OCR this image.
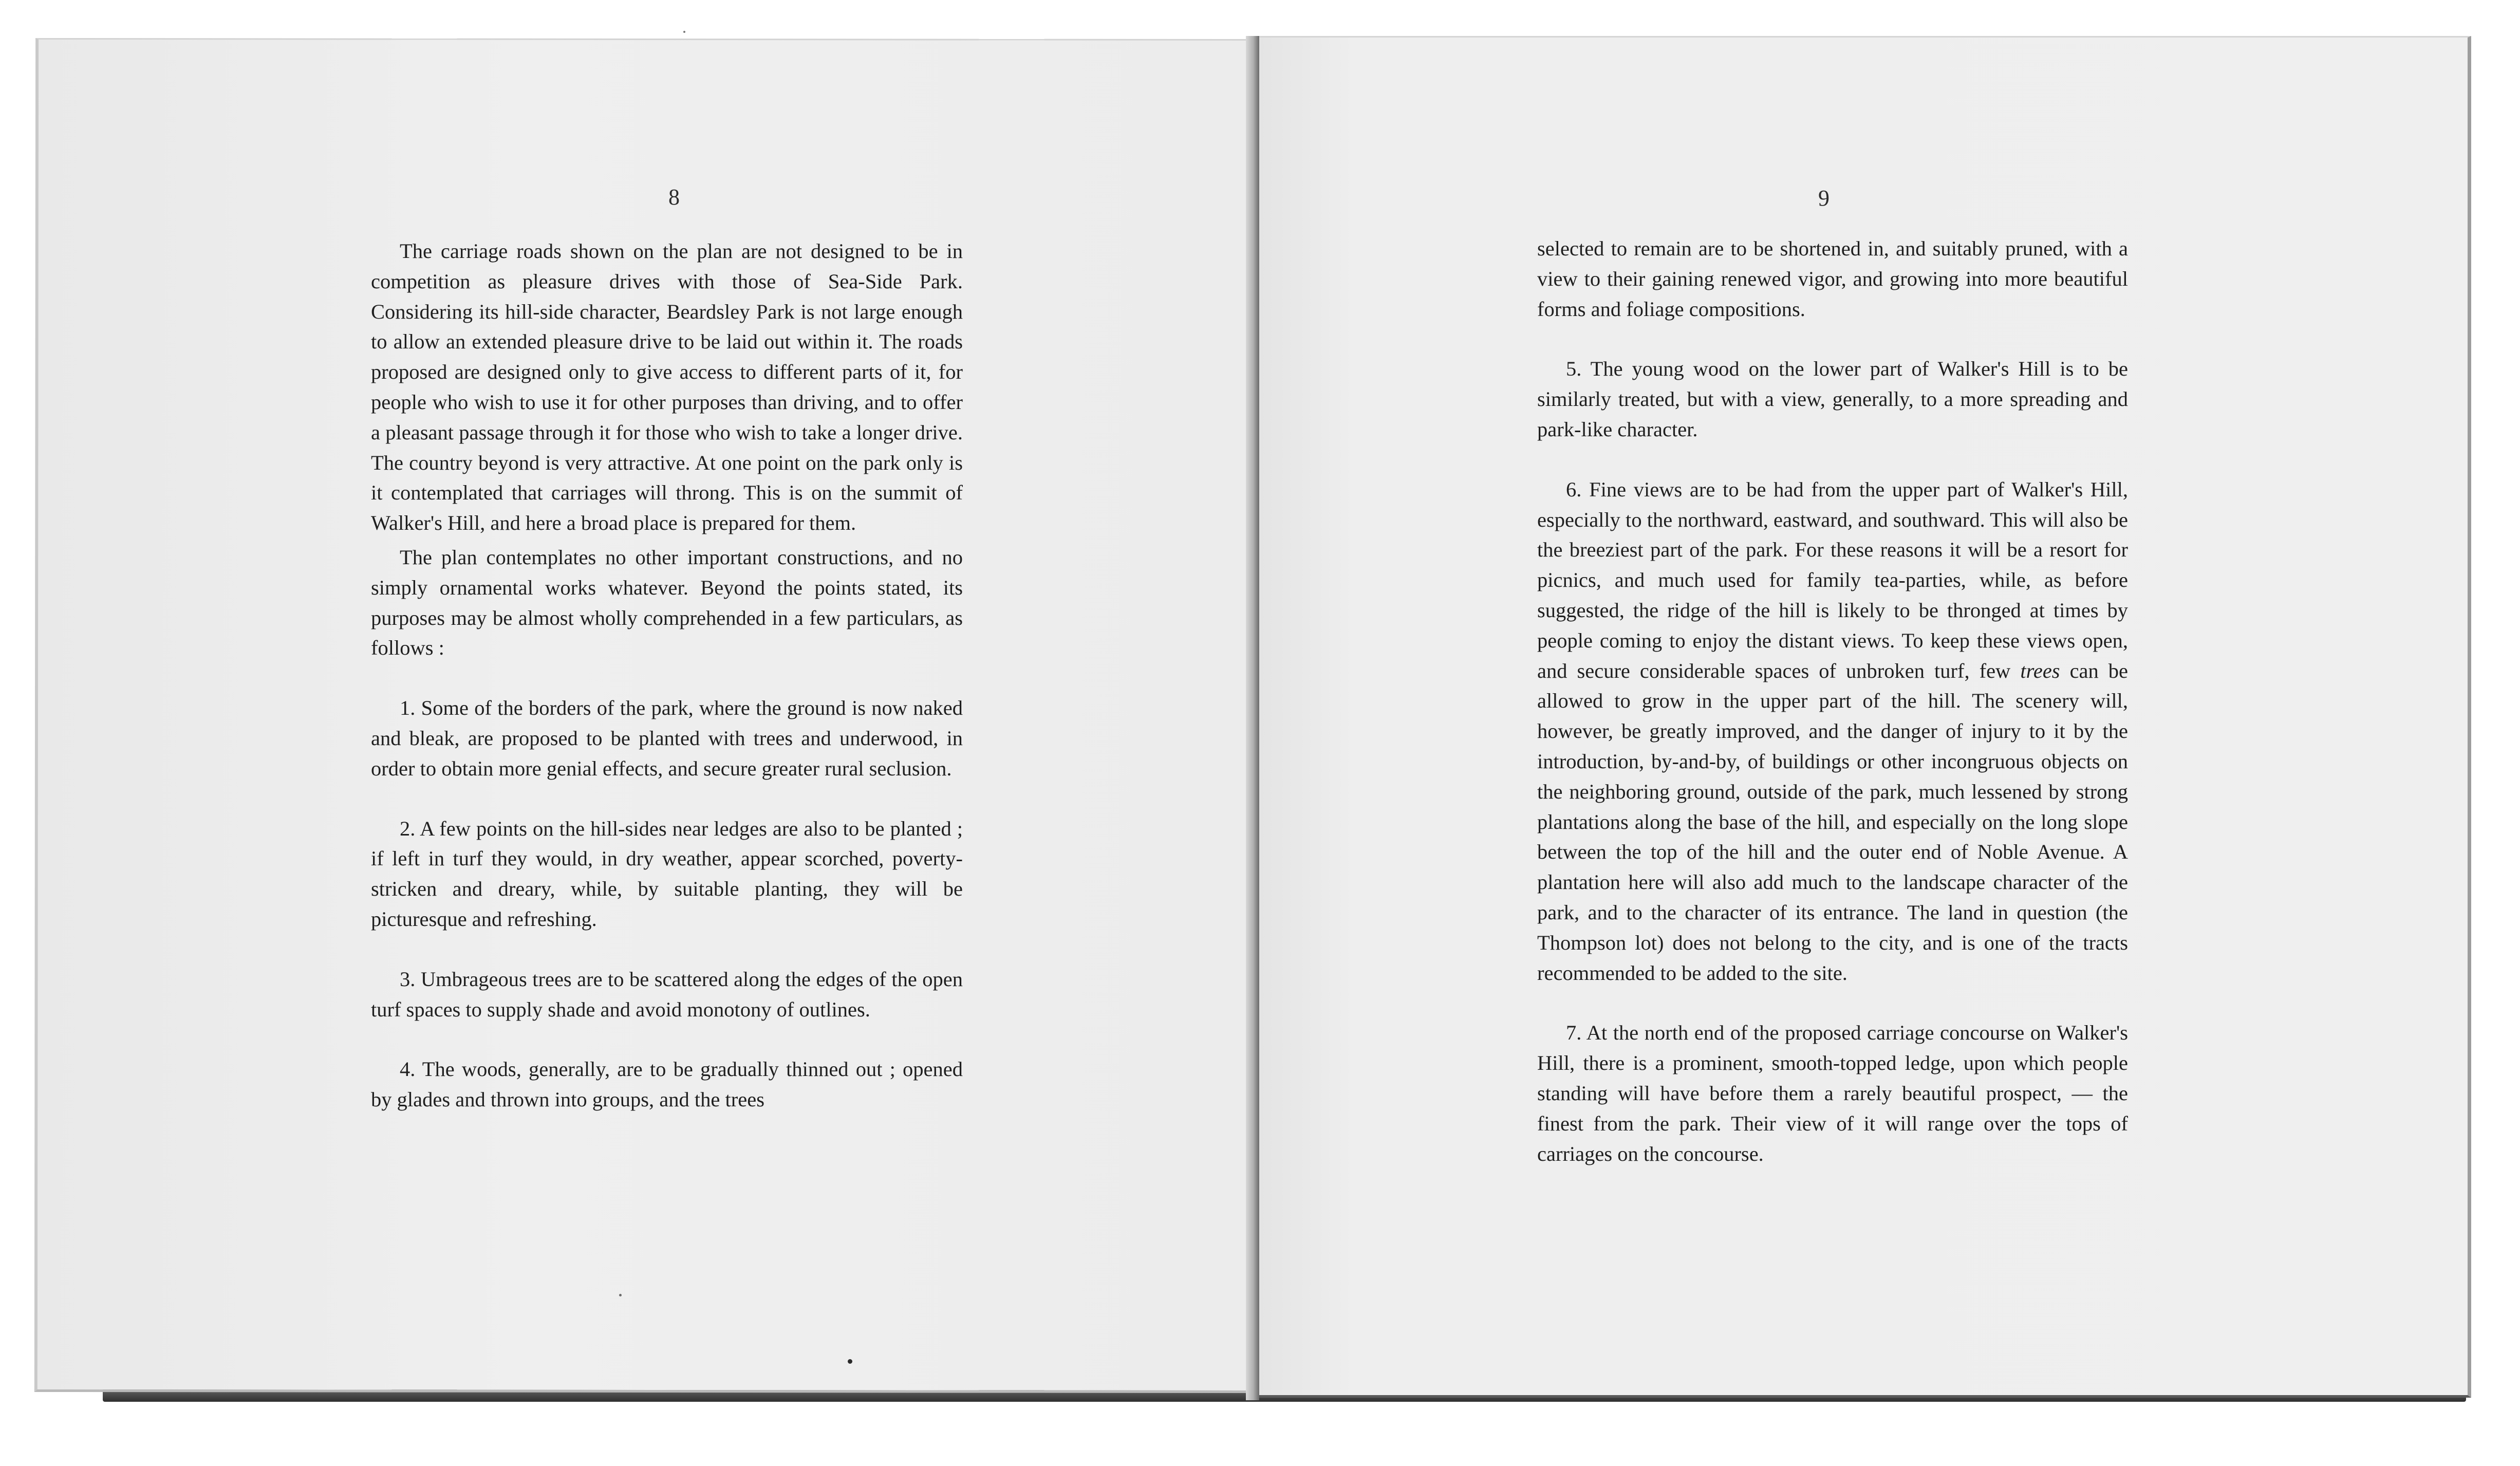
8

The carriage roads shown on the plan are not designed to be in competition as pleasure drives with those of Sea-Side Park. Considering its hill-side character, Beardsley Park is not large enough to allow an extended pleasure drive to be laid out within it. The roads proposed are designed only to give access to different parts of it, for people who wish to use it for other purposes than driving, and to offer a pleasant passage through it for those who wish to take a longer drive. The country beyond is very attractive. At one point on the park only is it contemplated that carriages will throng. This is on the summit of Walker's Hill, and here a broad place is prepared for them.

The plan contemplates no other important constructions, and no simply ornamental works whatever. Beyond the points stated, its purposes may be almost wholly comprehended in a few particulars, as follows :

1. Some of the borders of the park, where the ground is now naked and bleak, are proposed to be planted with trees and underwood, in order to obtain more genial effects, and secure greater rural seclusion.

2. A few points on the hill-sides near ledges are also to be planted ; if left in turf they would, in dry weather, appear scorched, poverty-stricken and dreary, while, by suitable planting, they will be picturesque and refreshing.

3. Umbrageous trees are to be scattered along the edges of the open turf spaces to supply shade and avoid monotony of outlines.

4. The woods, generally, are to be gradually thinned out ; opened by glades and thrown into groups, and the trees

9

selected to remain are to be shortened in, and suitably pruned, with a view to their gaining renewed vigor, and growing into more beautiful forms and foliage compositions.

5. The young wood on the lower part of Walker's Hill is to be similarly treated, but with a view, generally, to a more spreading and park-like character.

6. Fine views are to be had from the upper part of Walker's Hill, especially to the northward, eastward, and southward. This will also be the breeziest part of the park. For these reasons it will be a resort for picnics, and much used for family tea-parties, while, as before suggested, the ridge of the hill is likely to be thronged at times by people coming to enjoy the distant views. To keep these views open, and secure considerable spaces of unbroken turf, few trees can be allowed to grow in the upper part of the hill. The scenery will, however, be greatly improved, and the danger of injury to it by the introduction, by-and-by, of buildings or other incongruous objects on the neighboring ground, outside of the park, much lessened by strong plantations along the base of the hill, and especially on the long slope between the top of the hill and the outer end of Noble Avenue. A plantation here will also add much to the landscape character of the park, and to the character of its entrance. The land in question (the Thompson lot) does not belong to the city, and is one of the tracts recommended to be added to the site.

7. At the north end of the proposed carriage concourse on Walker's Hill, there is a prominent, smooth-topped ledge, upon which people standing will have before them a rarely beautiful prospect, — the finest from the park. Their view of it will range over the tops of carriages on the concourse.
